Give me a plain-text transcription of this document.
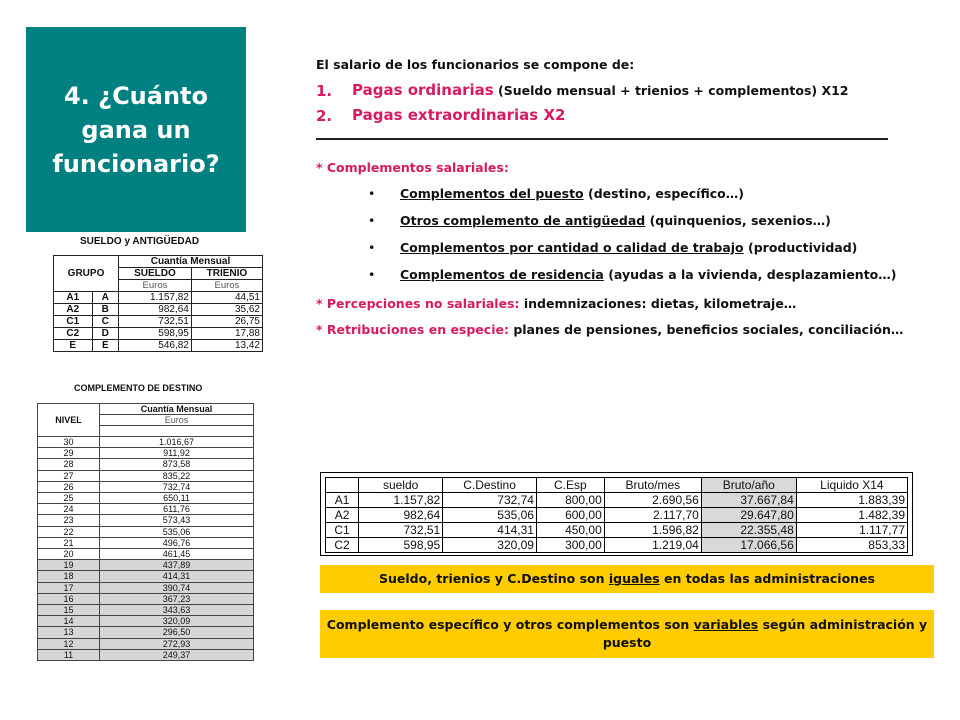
4. ¿Cuánto gana un funcionario?
SUELDO y ANTIGÜEDAD
GRUPO		Cuantía Mensual	
		SUELDO	TRIENIO
		Euros	Euros
A1	A	1.157,82	44,51
A2	B	982,64	35,62
C1	C	732,51	26,75
C2	D	598,95	17,88
E	E	546,82	13,42
COMPLEMENTO DE DESTINO
NIVEL	Cuantía Mensual
	Euros

30	1.016,67
29	911,92
28	873,58
27	835,22
26	732,74
25	650,11
24	611,76
23	573,43
22	535,06
21	496,76
20	461,45
19	437,89
18	414,31
17	390,74
16	367,23
15	343,63
14	320,09
13	296,50
12	272,93
11	249,37
El salario de los funcionarios se compone de:
1. Pagas ordinarias (Sueldo mensual + trienios + complementos) X12
2. Pagas extraordinarias X2
* Complementos salariales:
• Complementos del puesto (destino, específico…)
• Otros complemento de antigüedad (quinquenios, sexenios…)
• Complementos por cantidad o calidad de trabajo (productividad)
• Complementos de residencia (ayudas a la vivienda, desplazamiento…)
* Percepciones no salariales: indemnizaciones: dietas, kilometraje…
* Retribuciones en especie: planes de pensiones, beneficios sociales, conciliación…
	sueldo	C.Destino	C.Esp	Bruto/mes	Bruto/año	Liquido X14
A1	1.157,82	732,74	800,00	2.690,56	37.667,84	1.883,39
A2	982,64	535,06	600,00	2.117,70	29.647,80	1.482,39
C1	732,51	414,31	450,00	1.596,82	22.355,48	1.117,77
C2	598,95	320,09	300,00	1.219,04	17.066,56	853,33
Sueldo, trienios y C.Destino son iguales en todas las administraciones
Complemento específico y otros complementos son variables según administración y puesto
